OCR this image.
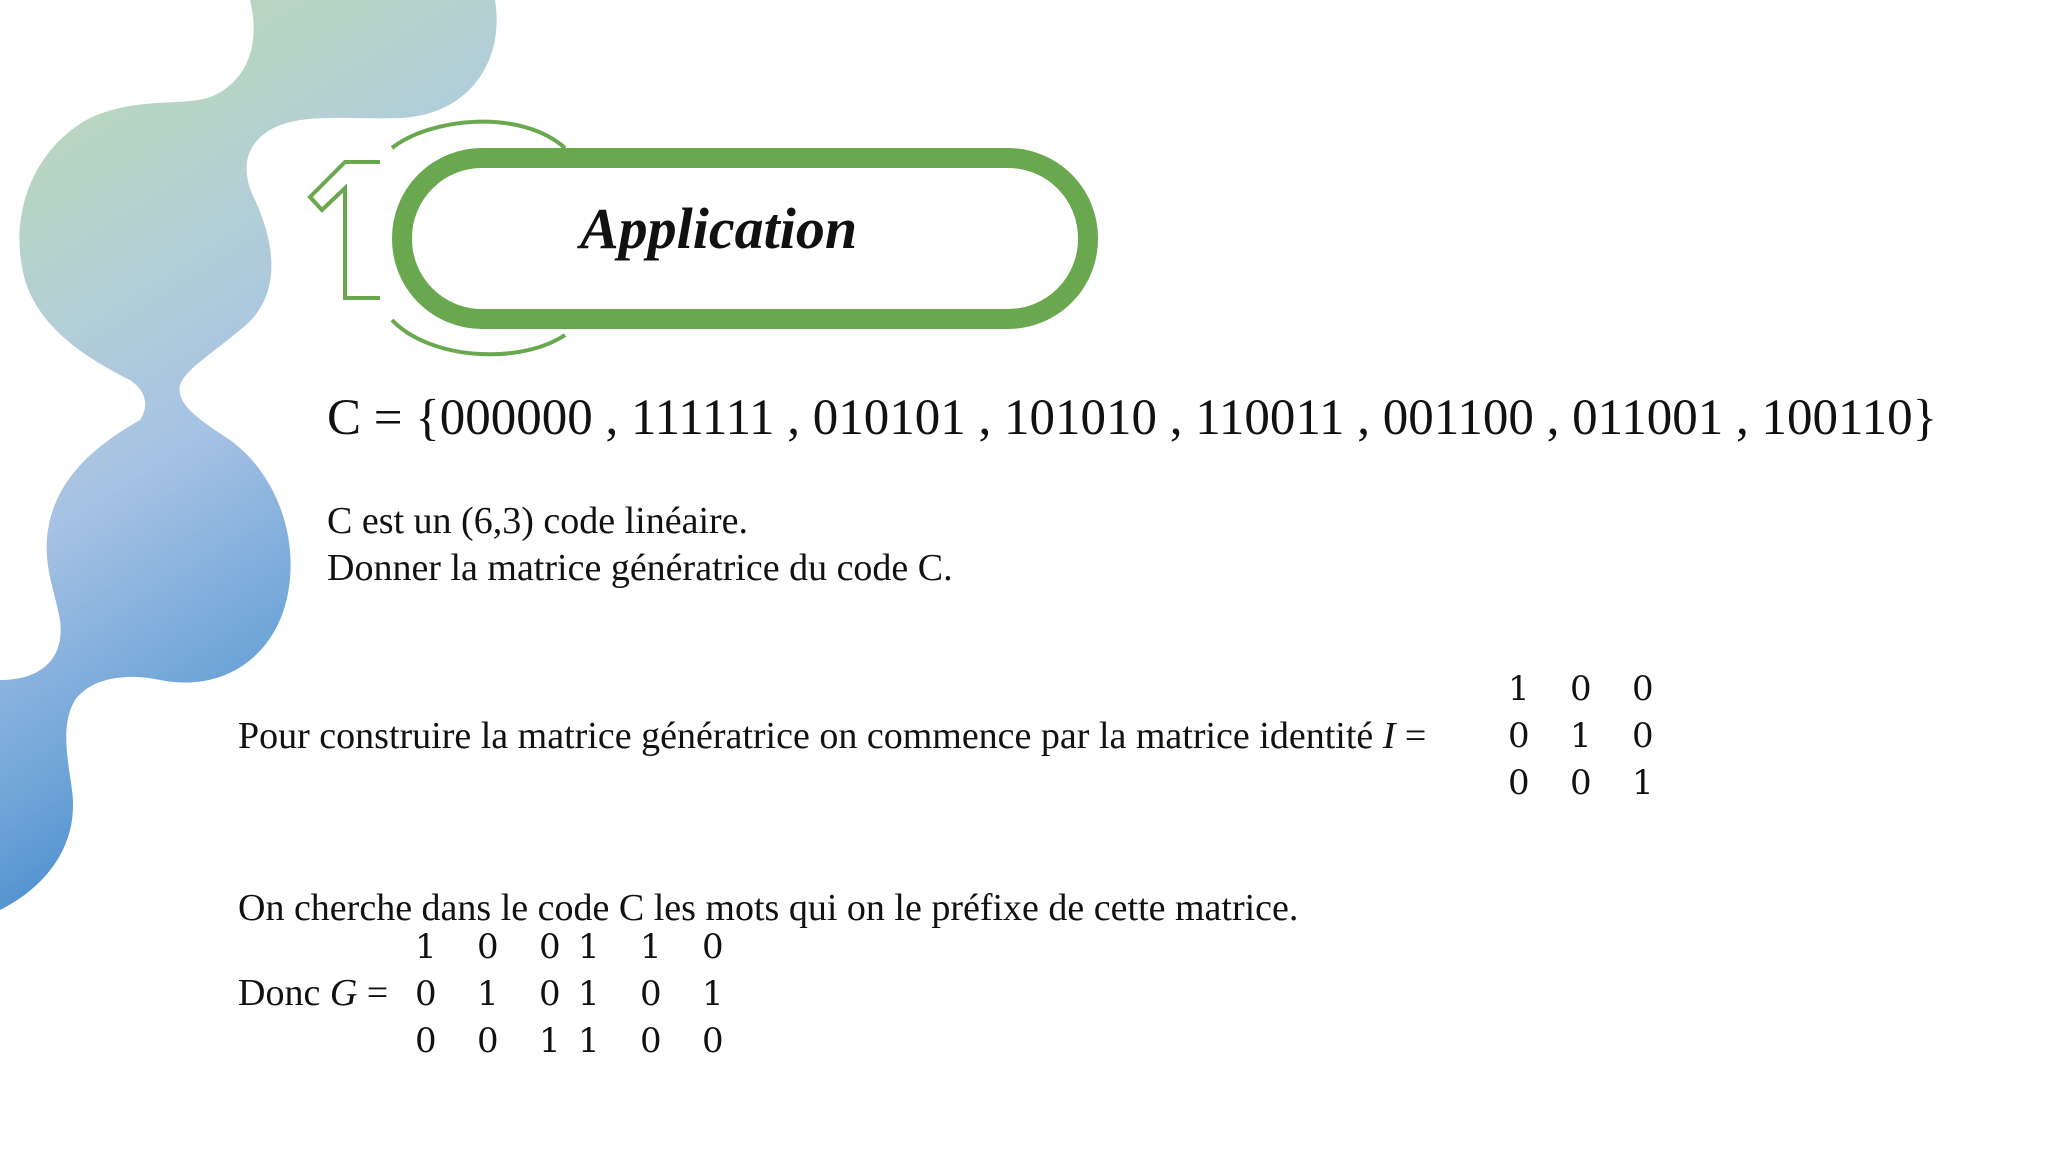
Application
C = {000000 , 111111 , 010101 , 101010 , 110011 , 001100 , 011001 , 100110}
C est un (6,3) code linéaire.
Donner la matrice génératrice du code C.
Pour construire la matrice génératrice on commence par la matrice identité I =
1 0 0
0 1 0
0 0 1
On cherche dans le code C les mots qui on le préfixe de cette matrice.
Donc G =
1 0 0 1 1 0
0 1 0 1 0 1
0 0 1 1 0 0
